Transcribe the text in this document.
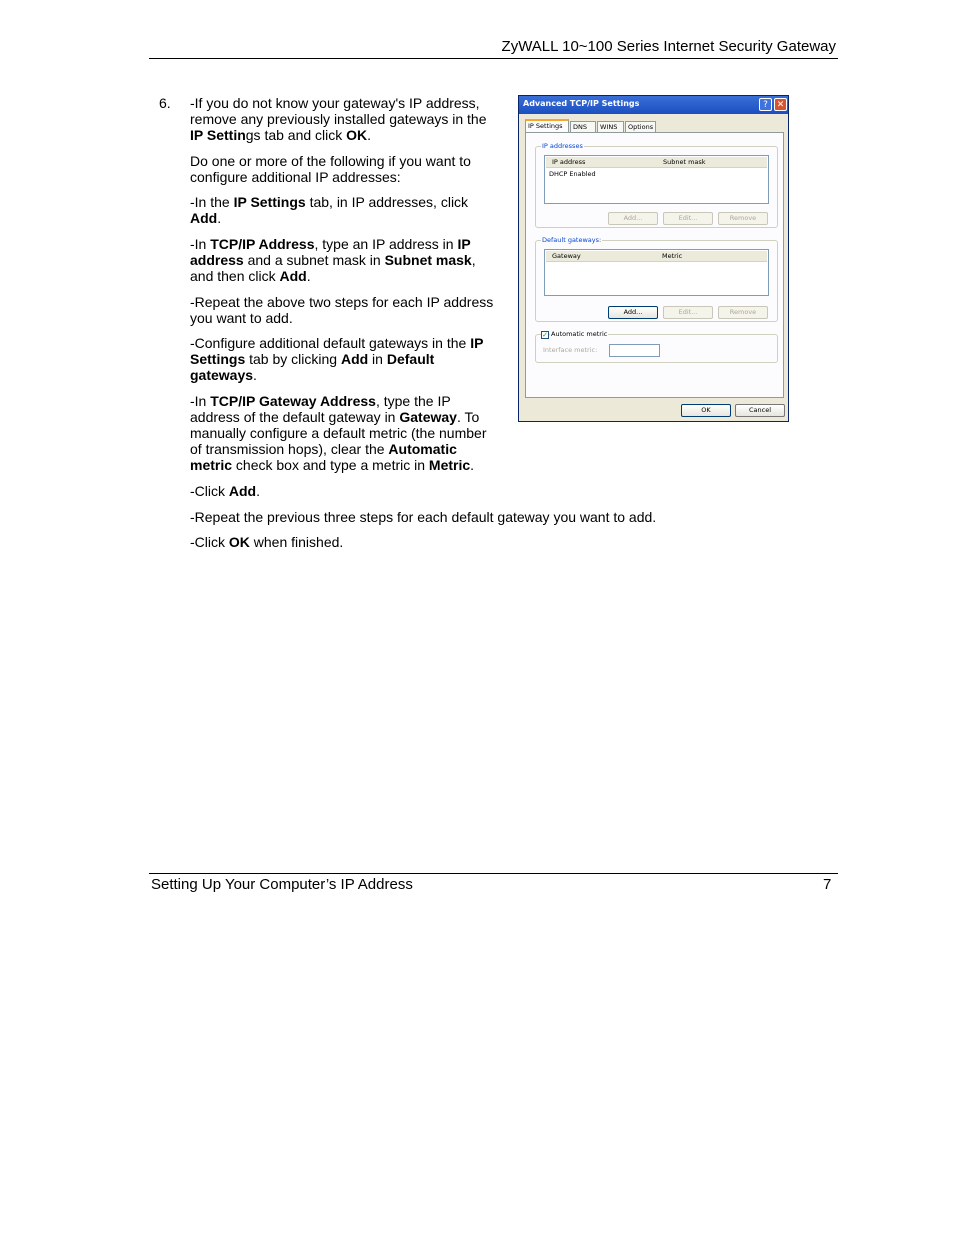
ZyWALL 10~100 Series Internet Security Gateway
6. -If you do not know your gateway's IP address, remove any previously installed gateways in the IP Settings tab and click OK.
Do one or more of the following if you want to configure additional IP addresses:
-In the IP Settings tab, in IP addresses, click Add.
-In TCP/IP Address, type an IP address in IP address and a subnet mask in Subnet mask, and then click Add.
-Repeat the above two steps for each IP address you want to add.
-Configure additional default gateways in the IP Settings tab by clicking Add in Default gateways.
-In TCP/IP Gateway Address, type the IP address of the default gateway in Gateway. To manually configure a default metric (the number of transmission hops), clear the Automatic metric check box and type a metric in Metric.
-Click Add.
-Repeat the previous three steps for each default gateway you want to add.
-Click OK when finished.
Advanced TCP/IP Settings	? ✕
IP Settings	DNS	WINS	Options
IP addresses
IP address	Subnet mask
DHCP Enabled
Add...	Edit...	Remove
Default gateways:
Gateway	Metric
Add...	Edit...	Remove
✓ Automatic metric
Interface metric:
OK	Cancel
Setting Up Your Computer’s IP Address	7
